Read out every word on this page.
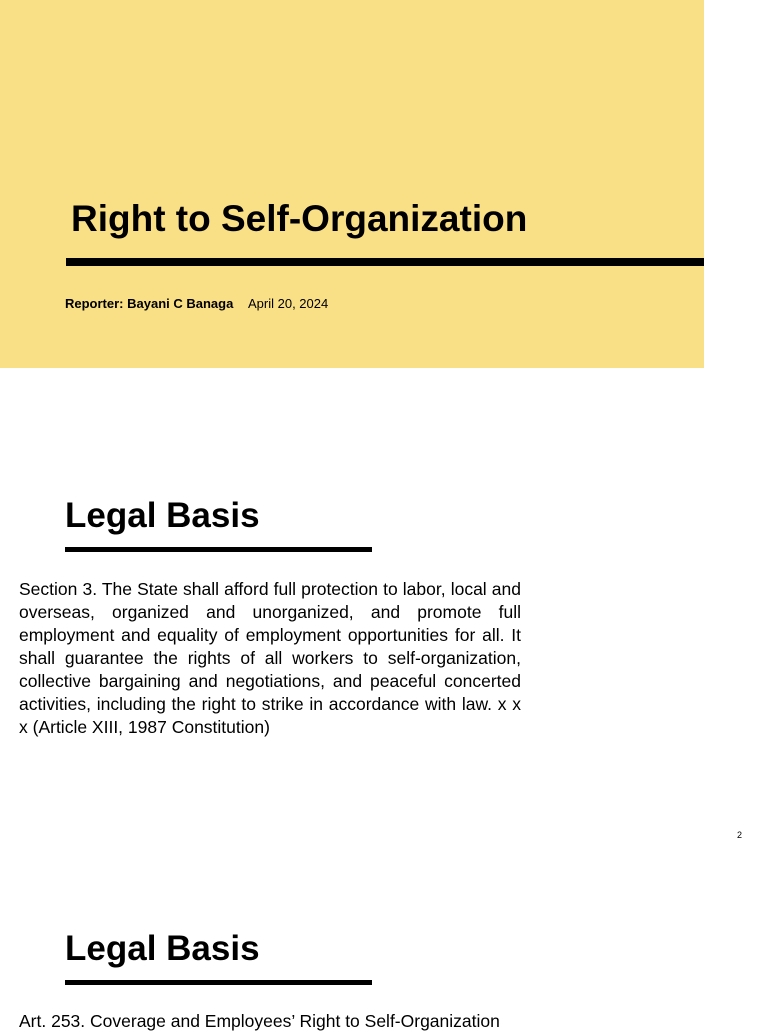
Right to Self-Organization
Reporter: Bayani C Banaga April 20, 2024
Legal Basis

Section 3. The State shall afford full protection to labor, local and overseas, organized and unorganized, and promote full employment and equality of employment opportunities for all. It shall guarantee the rights of all workers to self-organization, collective bargaining and negotiations, and peaceful concerted activities, including the right to strike in accordance with law. x x x (Article XIII, 1987 Constitution)

2
Legal Basis

Art. 253. Coverage and Employees’ Right to Self-Organization
